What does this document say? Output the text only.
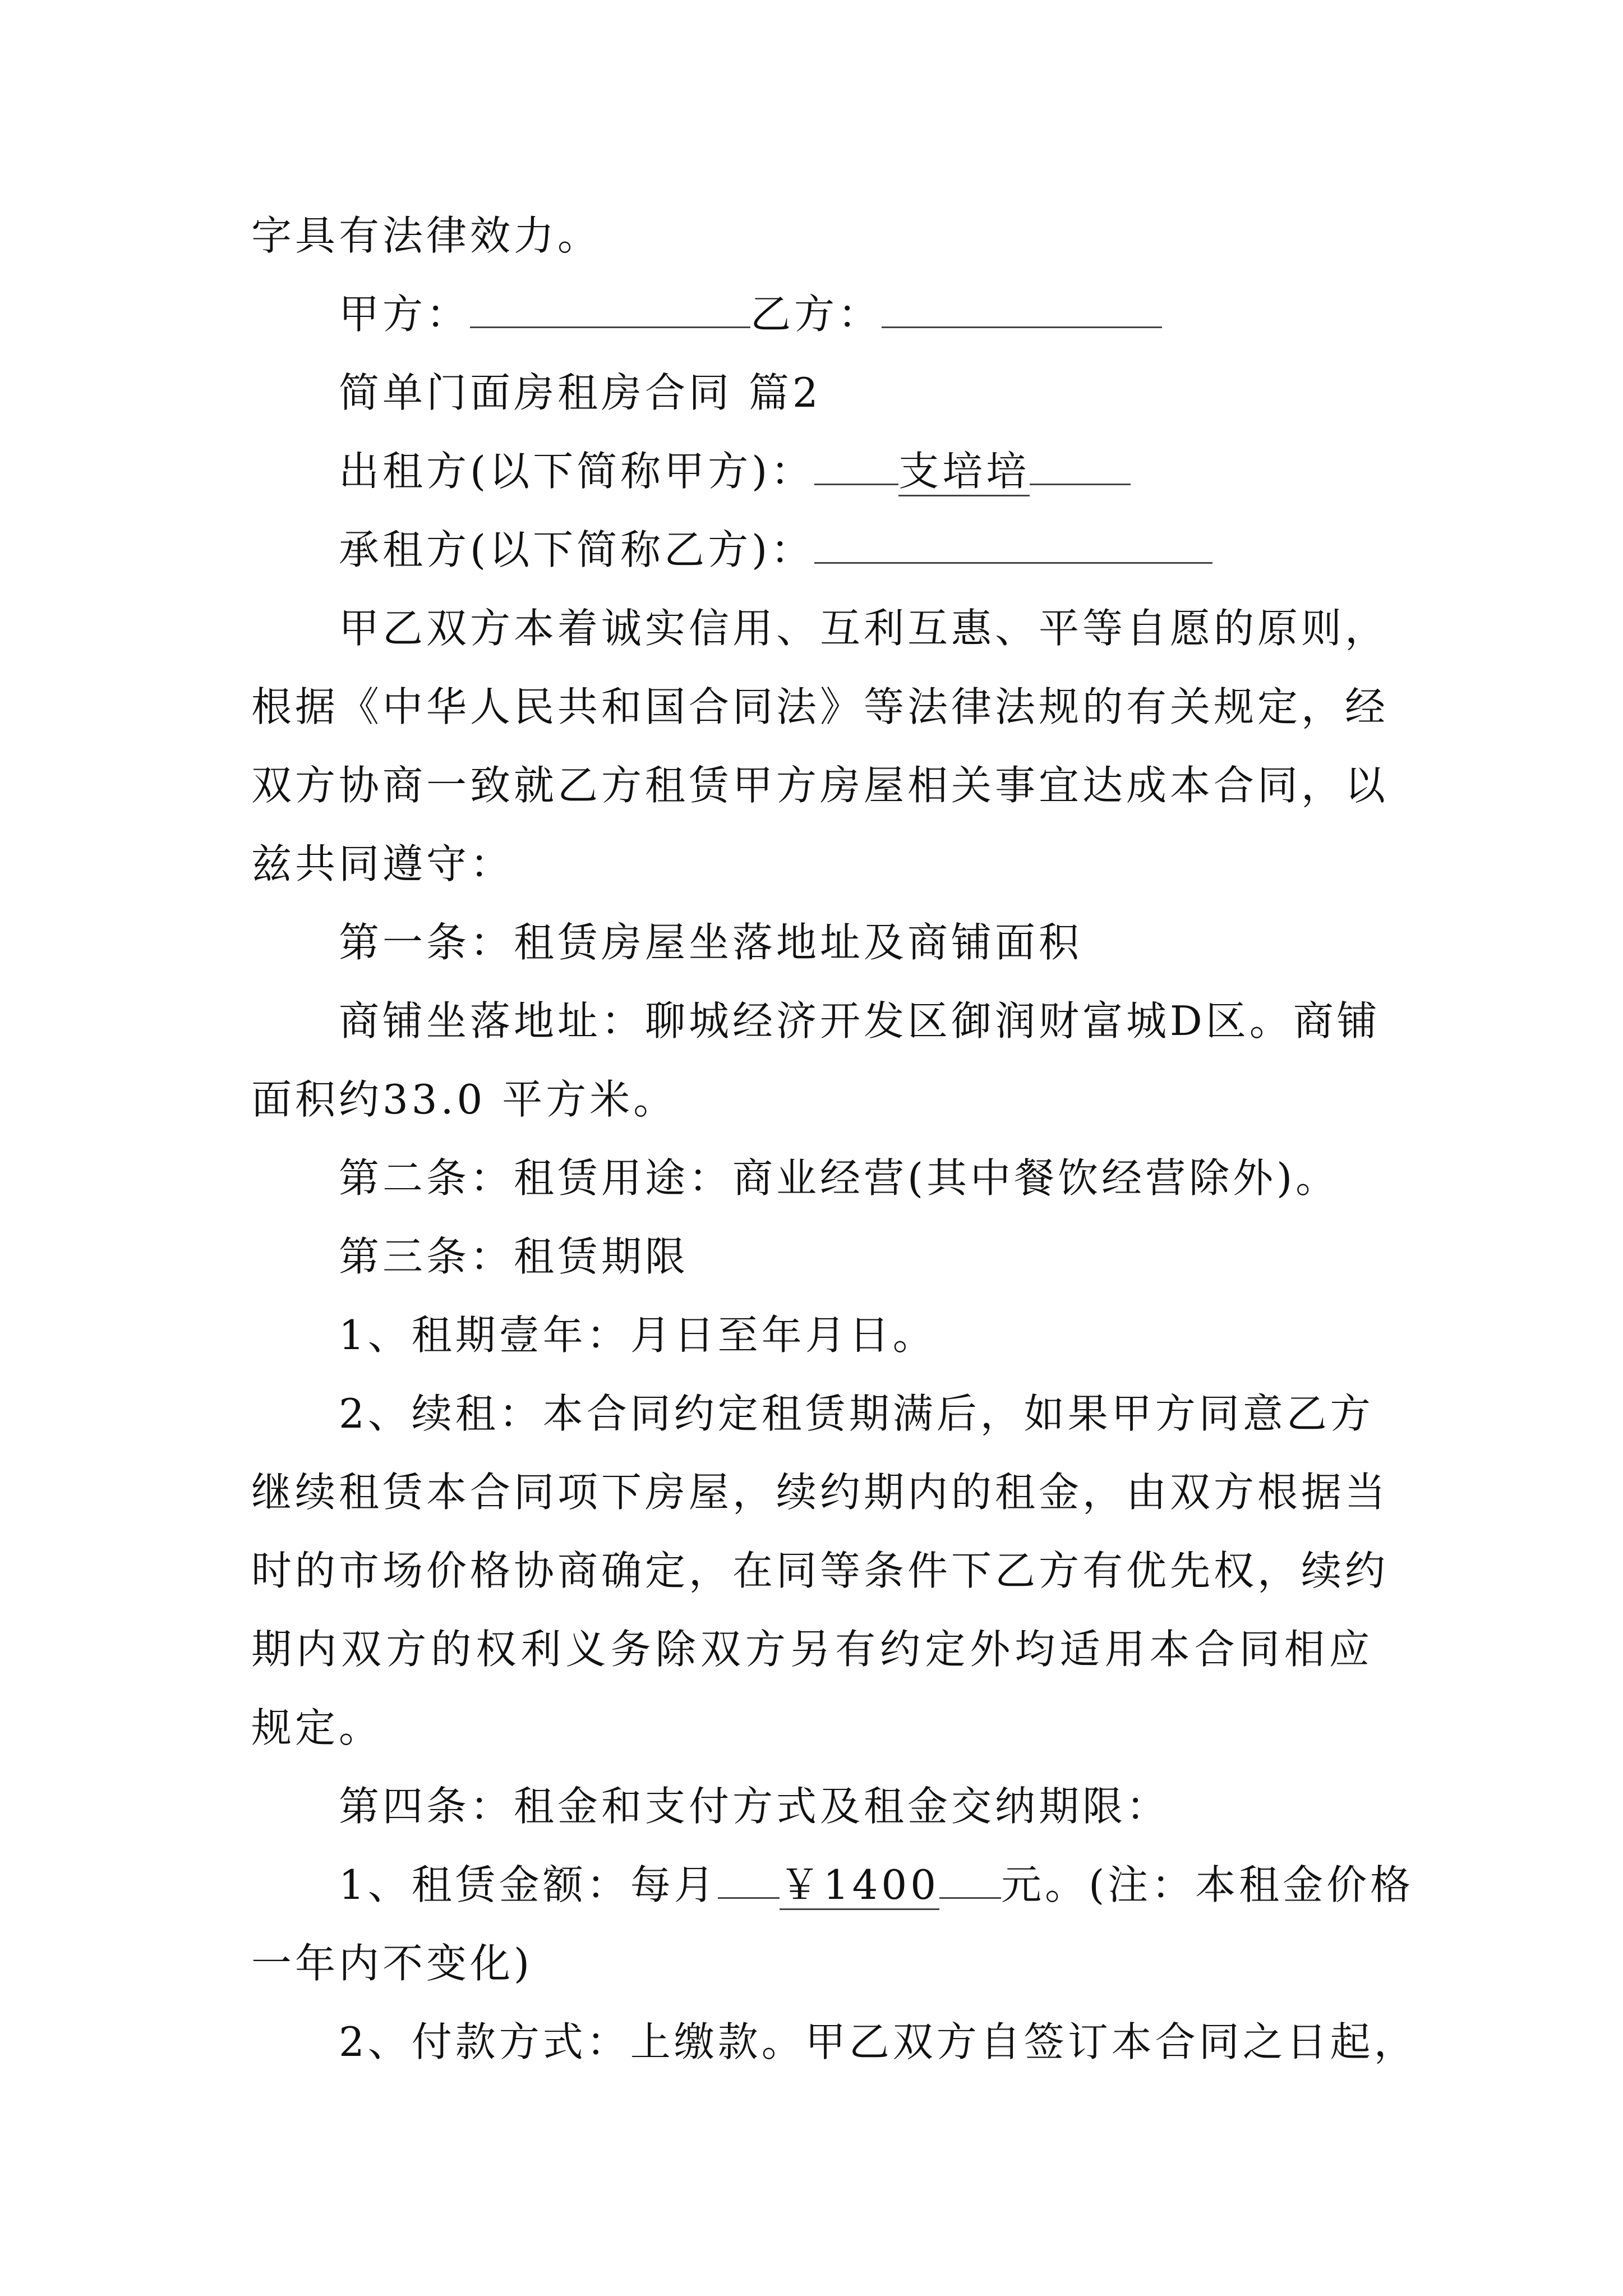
字具有法律效力。
甲方：	乙方：
简单门面房租房合同 篇2
出租方(以下简称甲方)： 支培培
承租方(以下简称乙方)：
甲乙双方本着诚实信用、互利互惠、平等自愿的原则，
根据《中华人民共和国合同法》等法律法规的有关规定，经
双方协商一致就乙方租赁甲方房屋相关事宜达成本合同，以
兹共同遵守：
第一条：租赁房屋坐落地址及商铺面积
商铺坐落地址：聊城经济开发区御润财富城D区。商铺
面积约33.0 平方米。
第二条：租赁用途：商业经营(其中餐饮经营除外)。
第三条：租赁期限
1、租期壹年：月日至年月日。
2、续租：本合同约定租赁期满后，如果甲方同意乙方
继续租赁本合同项下房屋，续约期内的租金，由双方根据当
时的市场价格协商确定，在同等条件下乙方有优先权，续约
期内双方的权利义务除双方另有约定外均适用本合同相应
规定。
第四条：租金和支付方式及租金交纳期限：
1、租赁金额：每月 ￥1400 元。(注：本租金价格
一年内不变化)
2、付款方式：上缴款。甲乙双方自签订本合同之日起，
